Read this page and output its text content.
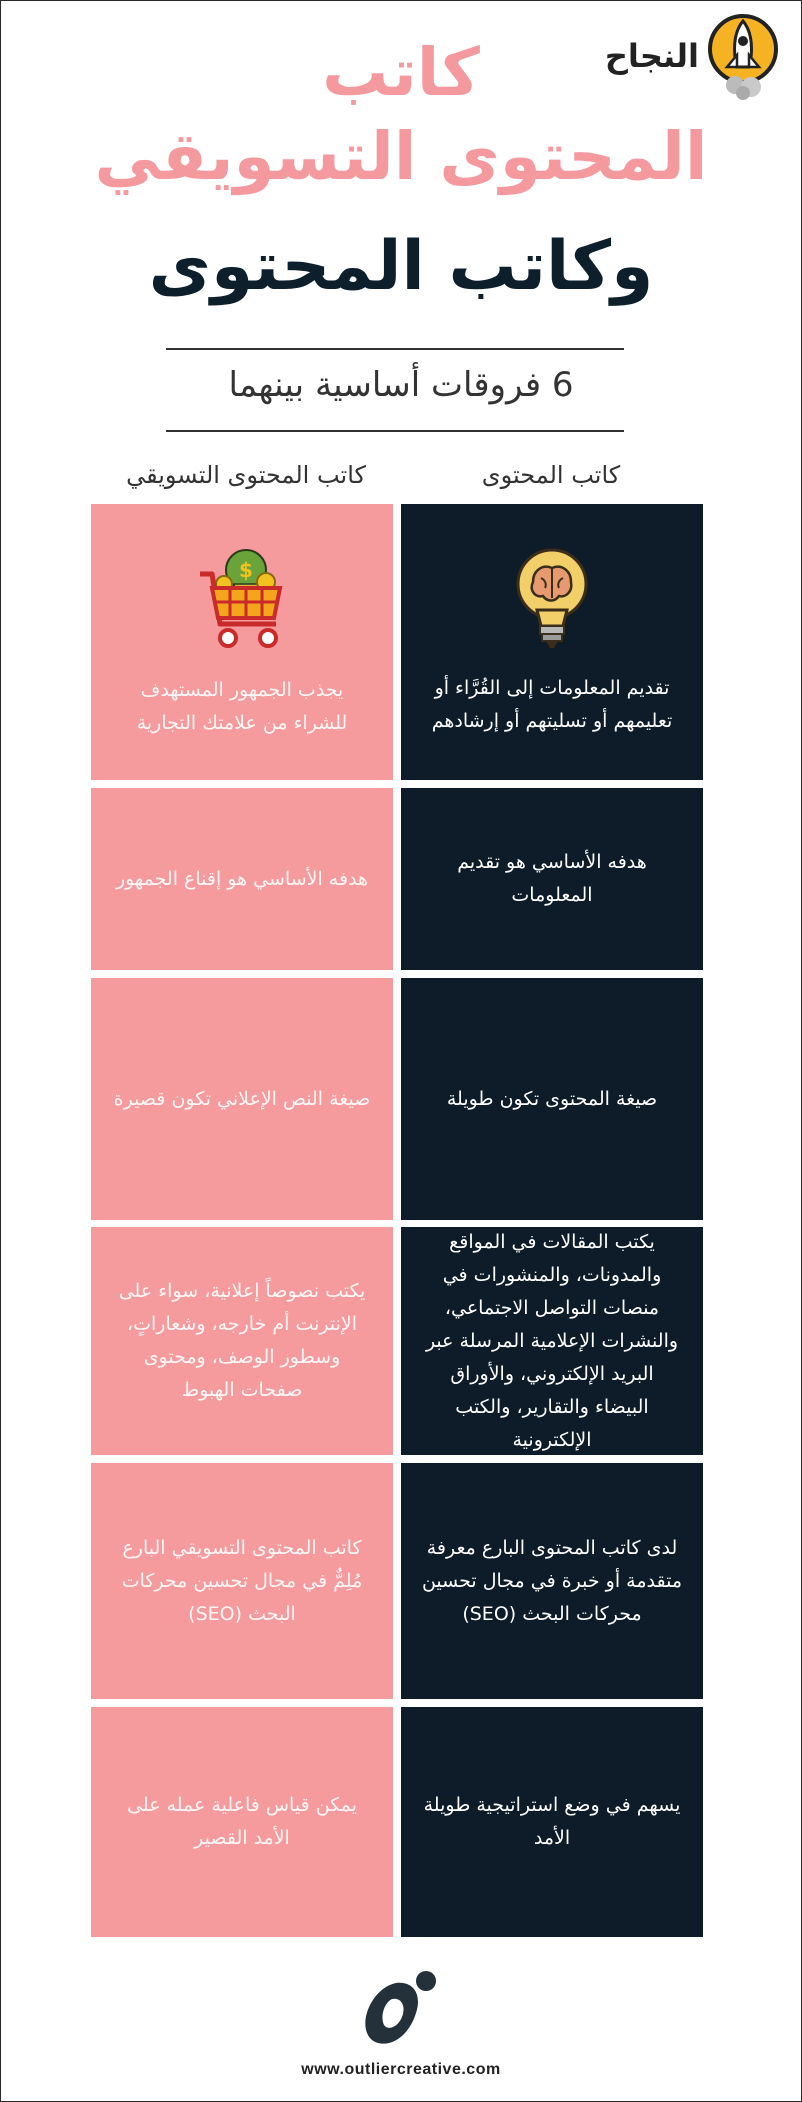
النجاح
كاتب
المحتوى التسويقي
وكاتب المحتوى
6 فروقات أساسية بينهما
كاتب المحتوى
كاتب المحتوى التسويقي
تقديم المعلومات إلى القُرَّاء أو تعليمهم أو تسليتهم أو إرشادهم
$
يجذب الجمهور المستهدف للشراء من علامتك التجارية
هدفه الأساسي هو تقديم المعلومات
هدفه الأساسي هو إقناع الجمهور
صيغة المحتوى تكون طويلة
صيغة النص الإعلاني تكون قصيرة
يكتب المقالات في المواقع والمدونات، والمنشورات في منصات التواصل الاجتماعي، والنشرات الإعلامية المرسلة عبر البريد الإلكتروني، والأوراق البيضاء والتقارير، والكتب الإلكترونية
يكتب نصوصاً إعلانية، سواء على الإنترنت أم خارجه، وشعاراتٍ، وسطور الوصف، ومحتوى صفحات الهبوط
لدى كاتب المحتوى البارع معرفة متقدمة أو خبرة في مجال تحسين محركات البحث (SEO)
كاتب المحتوى التسويقي البارع مُلِمٌّ في مجال تحسين محركات البحث (SEO)
يسهم في وضع استراتيجية طويلة الأمد
يمكن قياس فاعلية عمله على الأمد القصير
www.outliercreative.com
